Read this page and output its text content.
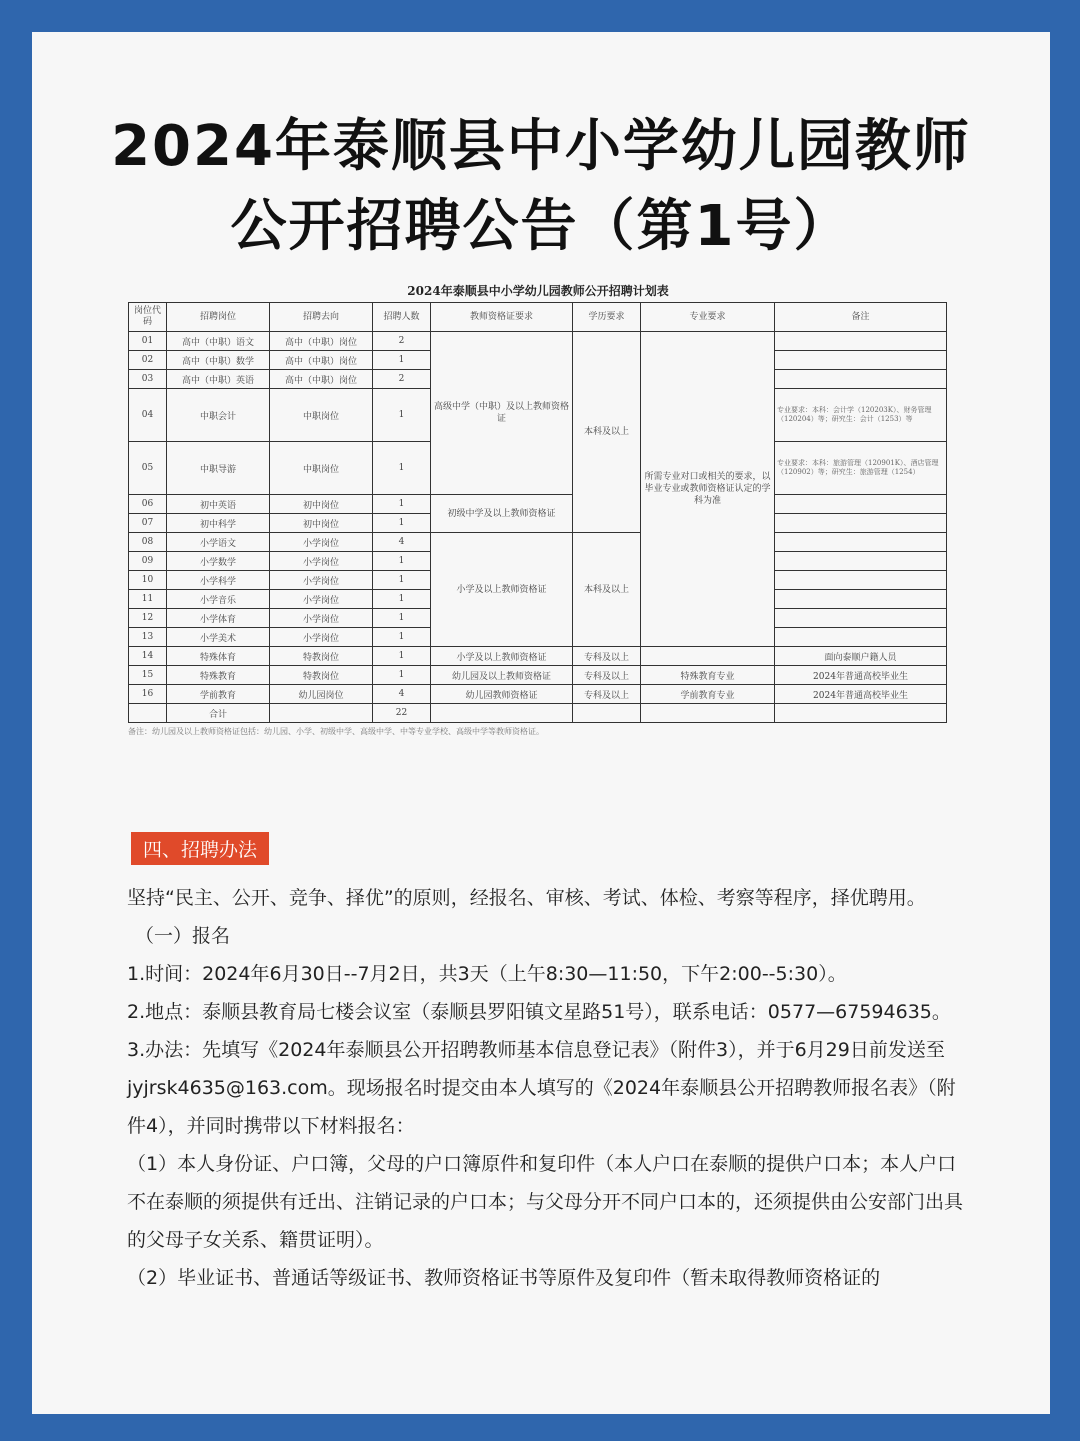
2024年泰顺县中小学幼儿园教师
公开招聘公告（第1号）
2024年泰顺县中小学幼儿园教师公开招聘计划表
岗位代码	招聘岗位	招聘去向	招聘人数	教师资格证要求	学历要求	专业要求	备注
01	高中（中职）语文	高中（中职）岗位	2	高级中学（中职）及以上教师资格证	本科及以上	所需专业对口或相关的要求，以毕业专业或教师资格证认定的学科为准	
02	高中（中职）数学	高中（中职）岗位	1				
03	高中（中职）英语	高中（中职）岗位	2				
04	中职会计	中职岗位	1				专业要求：本科：会计学（120203K）、财务管理（120204）等；研究生：会计（1253）等
05	中职导游	中职岗位	1				专业要求：本科：旅游管理（120901K）、酒店管理（120902）等；研究生：旅游管理（1254）
06	初中英语	初中岗位	1	初级中学及以上教师资格证			
07	初中科学	初中岗位	1				
08	小学语文	小学岗位	4	小学及以上教师资格证	本科及以上		
09	小学数学	小学岗位	1				
10	小学科学	小学岗位	1				
11	小学音乐	小学岗位	1				
12	小学体育	小学岗位	1				
13	小学美术	小学岗位	1				
14	特殊体育	特教岗位	1	小学及以上教师资格证	专科及以上		面向泰顺户籍人员
15	特殊教育	特教岗位	1	幼儿园及以上教师资格证	专科及以上	特殊教育专业	2024年普通高校毕业生
16	学前教育	幼儿园岗位	4	幼儿园教师资格证	专科及以上	学前教育专业	2024年普通高校毕业生
	合计		22				
备注：幼儿园及以上教师资格证包括：幼儿园、小学、初级中学、高级中学、中等专业学校、高级中学等教师资格证。
四、招聘办法

坚持“民主、公开、竞争、择优”的原则，经报名、审核、考试、体检、考察等程序，择优聘用。

（一）报名

1.时间：2024年6月30日--7月2日，共3天（上午8:30—11:50，下午2:00--5:30）。

2.地点：泰顺县教育局七楼会议室（泰顺县罗阳镇文星路51号），联系电话：0577—67594635。

3.办法：先填写《2024年泰顺县公开招聘教师基本信息登记表》（附件3），并于6月29日前发送至jyjrsk4635@163.com。现场报名时提交由本人填写的《2024年泰顺县公开招聘教师报名表》（附件4），并同时携带以下材料报名：

（1）本人身份证、户口簿，父母的户口簿原件和复印件（本人户口在泰顺的提供户口本；本人户口不在泰顺的须提供有迁出、注销记录的户口本；与父母分开不同户口本的，还须提供由公安部门出具的父母子女关系、籍贯证明）。

（2）毕业证书、普通话等级证书、教师资格证书等原件及复印件（暂未取得教师资格证的
